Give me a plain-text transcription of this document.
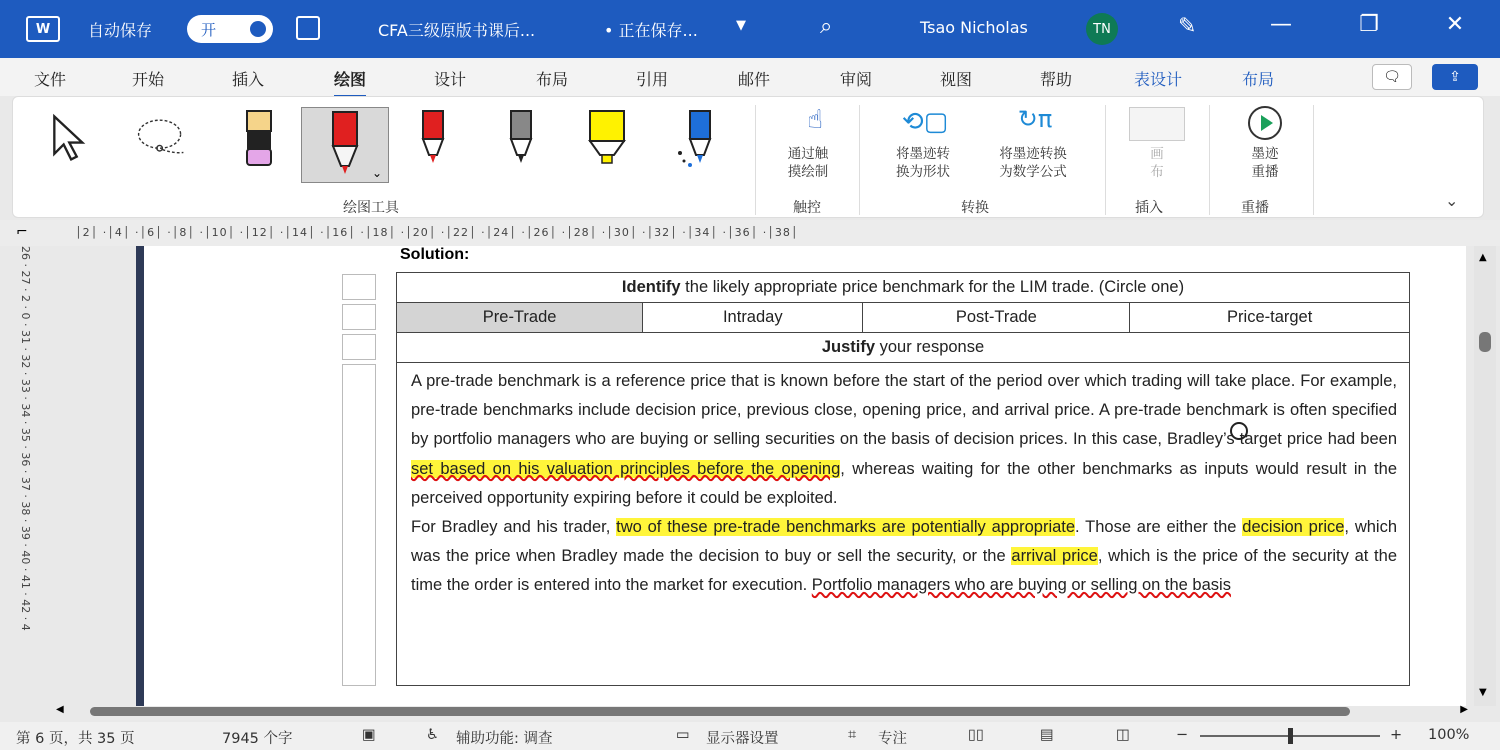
W	自动保存	开	CFA三级原版书课后...	• 正在保存...	▼	⌕	Tsao Nicholas	TN	✎	—	❐	✕
文件	开始	插入	绘图	设计	布局	引用	邮件	审阅	视图	帮助	表设计	布局	🗨	⇪
⌄
绘图工具
☝
通过触
摸绘制
触控
⟲▢
将墨迹转
换为形状
↻π
将墨迹转换
为数学公式
转换
画
布
插入
墨迹
重播
重播	⌄
⌐	│2│ ·│4│ ·│6│ ·│8│ ·│10│ ·│12│ ·│14│ ·│16│ ·│18│ ·│20│ ·│22│ ·│24│ ·│26│ ·│28│ ·│30│ ·│32│ ·│34│ ·│36│ ·│38│
26 · 27 · 2 · 0 · 31 · 32 · 33 · 34 · 35 · 36 · 37 · 38 · 39 · 40 · 41 · 42 · 4	Solution:
Identify the likely appropriate price benchmark for the LIM trade. (Circle one)
Pre-Trade	Intraday	Post-Trade	Price-target
Justify your response

A pre-trade benchmark is a reference price that is known before the start of the period over which trading will take place. For example, pre-trade benchmarks include decision price, previous close, opening price, and arrival price. A pre-trade benchmark is often specified by portfolio managers who are buying or selling securities on the basis of decision prices. In this case, Bradley’s target price had been set based on his valuation principles before the opening, whereas waiting for the other benchmarks as inputs would result in the perceived opportunity expiring before it could be exploited.
For Bradley and his trader, two of these pre-trade benchmarks are potentially appropriate. Those are either the decision price, which was the price when Bradley made the decision to buy or sell the security, or the arrival price, which is the price of the security at the time the order is entered into the market for execution. Portfolio managers who are buying or selling on the basis
▲
▼
◀	▶
第 6 页，共 35 页	7945 个字	▣	♿ 辅助功能: 调查	▭ 显示器设置	⌗ 专注	▯▯	▤	◫	−	+ 100%
